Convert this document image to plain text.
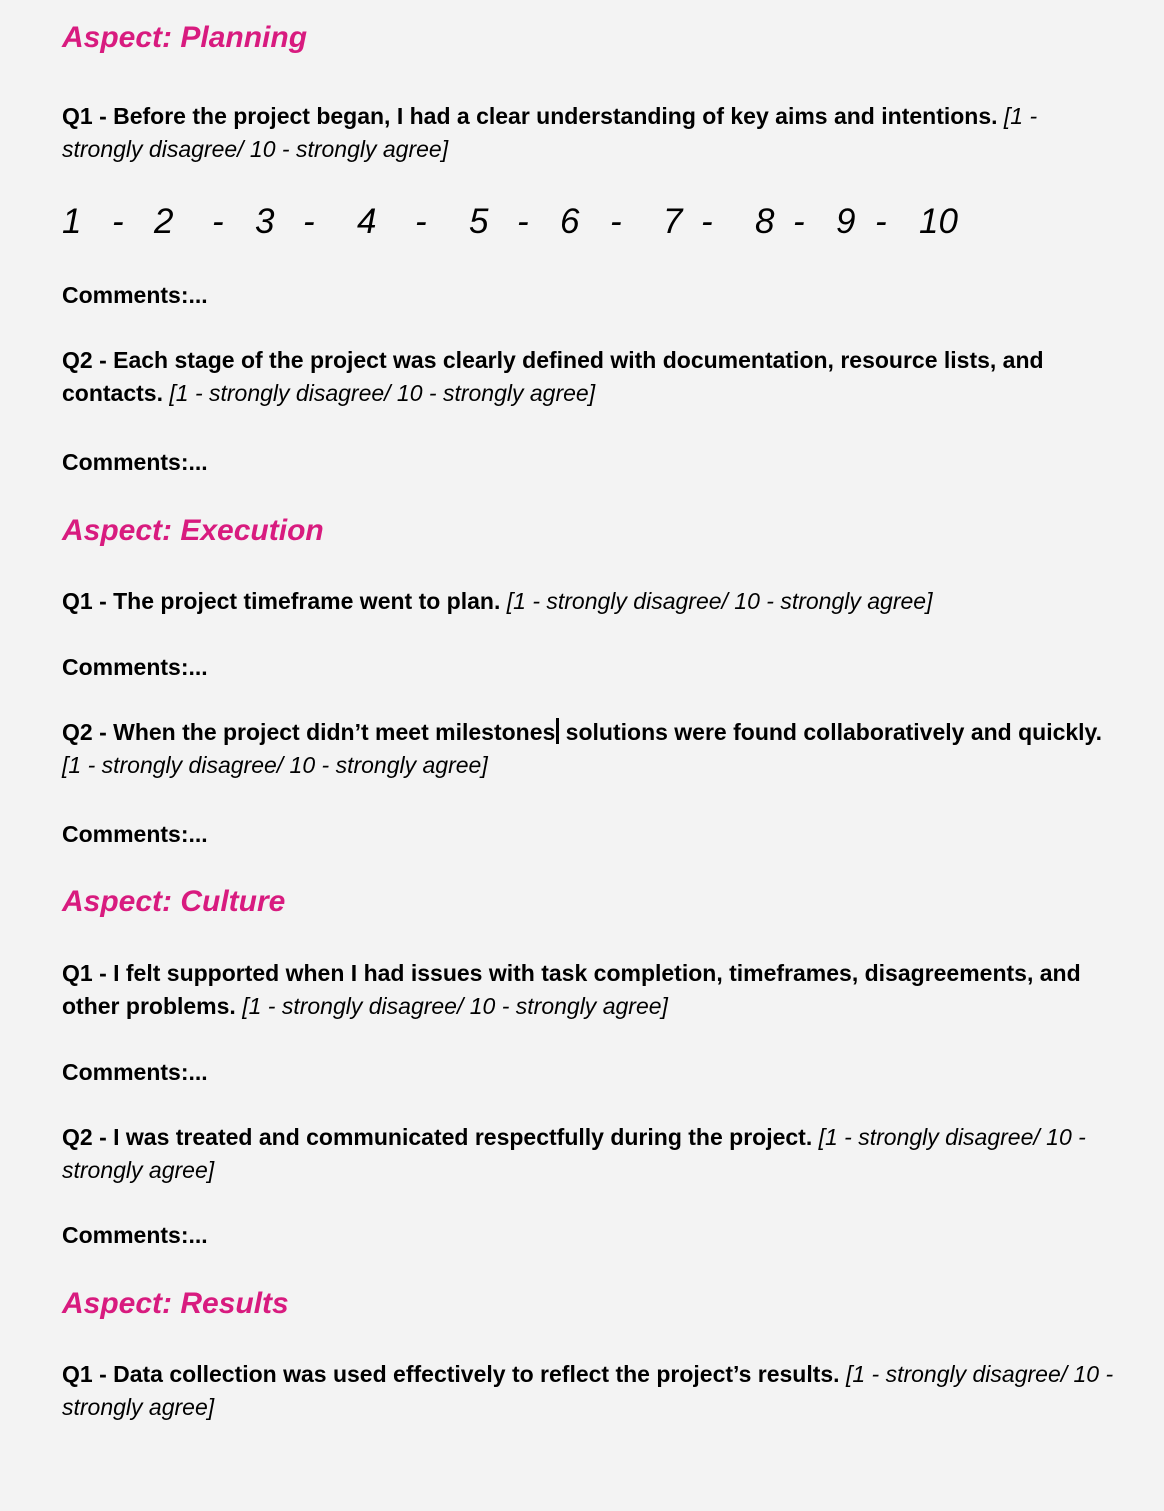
Aspect: Planning
Q1 - Before the project began, I had a clear understanding of key aims and intentions. [1 - strongly disagree/ 10 - strongly agree]
1 - 2 - 3 - 4 - 5 - 6 - 7 - 8 - 9 - 10
Comments:...
Q2 - Each stage of the project was clearly defined with documentation, resource lists, and contacts. [1 - strongly disagree/ 10 - strongly agree]
Comments:...
Aspect: Execution
Q1 - The project timeframe went to plan. [1 - strongly disagree/ 10 - strongly agree]
Comments:...
Q2 - When the project didn’t meet milestones solutions were found collaboratively and quickly. [1 - strongly disagree/ 10 - strongly agree]
Comments:...
Aspect: Culture
Q1 - I felt supported when I had issues with task completion, timeframes, disagreements, and other problems. [1 - strongly disagree/ 10 - strongly agree]
Comments:...
Q2 - I was treated and communicated respectfully during the project. [1 - strongly disagree/ 10 - strongly agree]
Comments:...
Aspect: Results
Q1 - Data collection was used effectively to reflect the project’s results. [1 - strongly disagree/ 10 - strongly agree]
